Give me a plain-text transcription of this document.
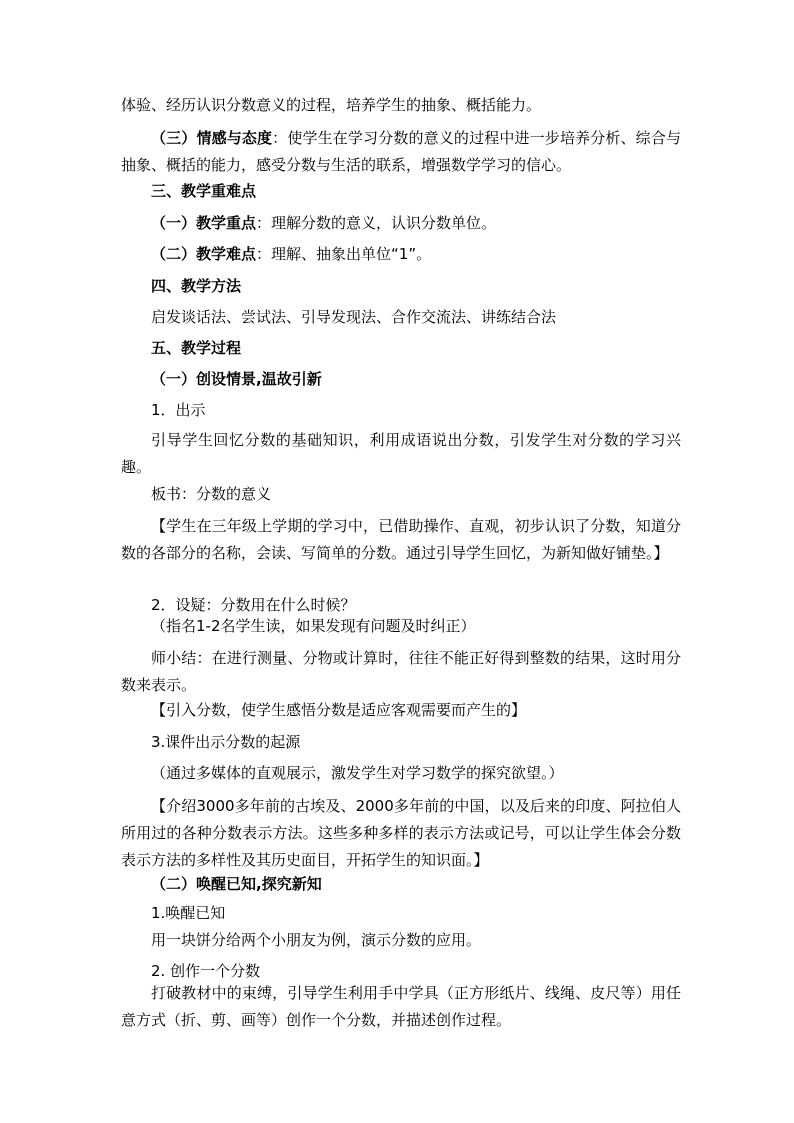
体验、经历认识分数意义的过程，培养学生的抽象、概括能力。
（三）情感与态度：使学生在学习分数的意义的过程中进一步培养分析、综合与抽象、概括的能力，感受分数与生活的联系，增强数学学习的信心。
三、教学重难点
（一）教学重点：理解分数的意义，认识分数单位。
（二）教学难点：理解、抽象出单位“1”。
四、教学方法
启发谈话法、尝试法、引导发现法、合作交流法、讲练结合法
五、教学过程
（一）创设情景,温故引新
1．出示
引导学生回忆分数的基础知识，利用成语说出分数，引发学生对分数的学习兴趣。
板书：分数的意义
【学生在三年级上学期的学习中，已借助操作、直观，初步认识了分数，知道分数的各部分的名称，会读、写简单的分数。通过引导学生回忆，为新知做好铺垫。】
2．设疑：分数用在什么时候？
（指名1-2名学生读，如果发现有问题及时纠正）
师小结：在进行测量、分物或计算时，往往不能正好得到整数的结果，这时用分数来表示。
【引入分数，使学生感悟分数是适应客观需要而产生的】
3.课件出示分数的起源
（通过多媒体的直观展示，激发学生对学习数学的探究欲望。）
【介绍3000多年前的古埃及、2000多年前的中国，以及后来的印度、阿拉伯人所用过的各种分数表示方法。这些多种多样的表示方法或记号，可以让学生体会分数表示方法的多样性及其历史面目，开拓学生的知识面。】
（二）唤醒已知,探究新知
1.唤醒已知
用一块饼分给两个小朋友为例，演示分数的应用。
2. 创作一个分数
打破教材中的束缚，引导学生利用手中学具（正方形纸片、线绳、皮尺等）用任意方式（折、剪、画等）创作一个分数，并描述创作过程。
